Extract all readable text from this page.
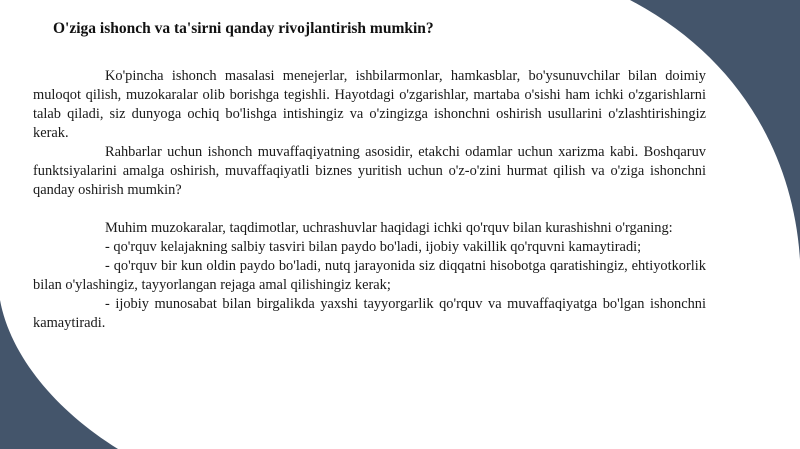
O'ziga ishonch va ta'sirni qanday rivojlantirish mumkin?

Ko'pincha ishonch masalasi menejerlar, ishbilarmonlar, hamkasblar, bo'ysunuvchilar bilan doimiy muloqot qilish, muzokaralar olib borishga tegishli. Hayotdagi o'zgarishlar, martaba o'sishi ham ichki o'zgarishlarni talab qiladi, siz dunyoga ochiq bo'lishga intishingiz va o'zingizga ishonchni oshirish usullarini o'zlashtirishingiz kerak.

Rahbarlar uchun ishonch muvaffaqiyatning asosidir, etakchi odamlar uchun xarizma kabi. Boshqaruv funktsiyalarini amalga oshirish, muvaffaqiyatli biznes yuritish uchun o'z-o'zini hurmat qilish va o'ziga ishonchni qanday oshirish mumkin?

Muhim muzokaralar, taqdimotlar, uchrashuvlar haqidagi ichki qo'rquv bilan kurashishni o'rganing:

- qo'rquv kelajakning salbiy tasviri bilan paydo bo'ladi, ijobiy vakillik qo'rquvni kamaytiradi;

- qo'rquv bir kun oldin paydo bo'ladi, nutq jarayonida siz diqqatni hisobotga qaratishingiz, ehtiyotkorlik bilan o'ylashingiz, tayyorlangan rejaga amal qilishingiz kerak;

- ijobiy munosabat bilan birgalikda yaxshi tayyorgarlik qo'rquv va muvaffaqiyatga bo'lgan ishonchni kamaytiradi.
